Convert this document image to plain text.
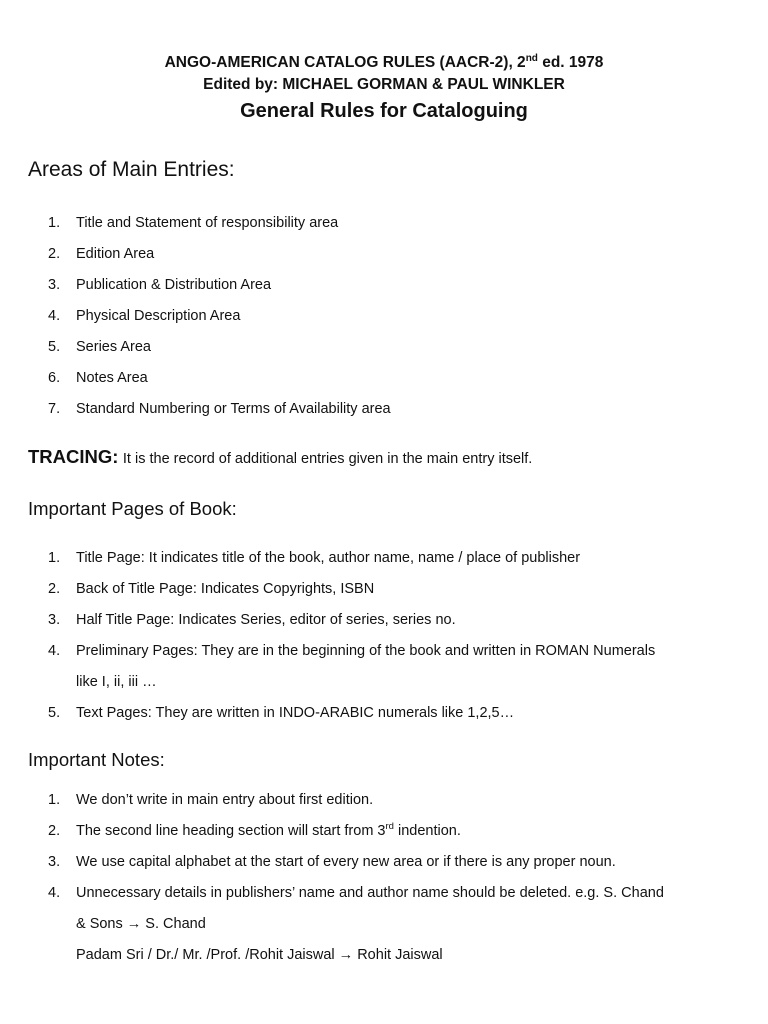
ANGO-AMERICAN CATALOG RULES (AACR-2), 2nd ed. 1978
Edited by: MICHAEL GORMAN & PAUL WINKLER
General Rules for Cataloguing
Areas of Main Entries:
1. Title and Statement of responsibility area
2. Edition Area
3. Publication & Distribution Area
4. Physical Description Area
5. Series Area
6. Notes Area
7. Standard Numbering or Terms of Availability area
TRACING: It is the record of additional entries given in the main entry itself.
Important Pages of Book:
1. Title Page: It indicates title of the book, author name, name / place of publisher
2. Back of Title Page: Indicates Copyrights, ISBN
3. Half Title Page: Indicates Series, editor of series, series no.
4. Preliminary Pages: They are in the beginning of the book and written in ROMAN Numerals
like I, ii, iii …
5. Text Pages: They are written in INDO-ARABIC numerals like 1,2,5…
Important Notes:
1. We don’t write in main entry about first edition.
2. The second line heading section will start from 3rd indention.
3. We use capital alphabet at the start of every new area or if there is any proper noun.
4. Unnecessary details in publishers’ name and author name should be deleted. e.g. S. Chand
& Sons → S. Chand
Padam Sri / Dr./ Mr. /Prof. /Rohit Jaiswal → Rohit Jaiswal
